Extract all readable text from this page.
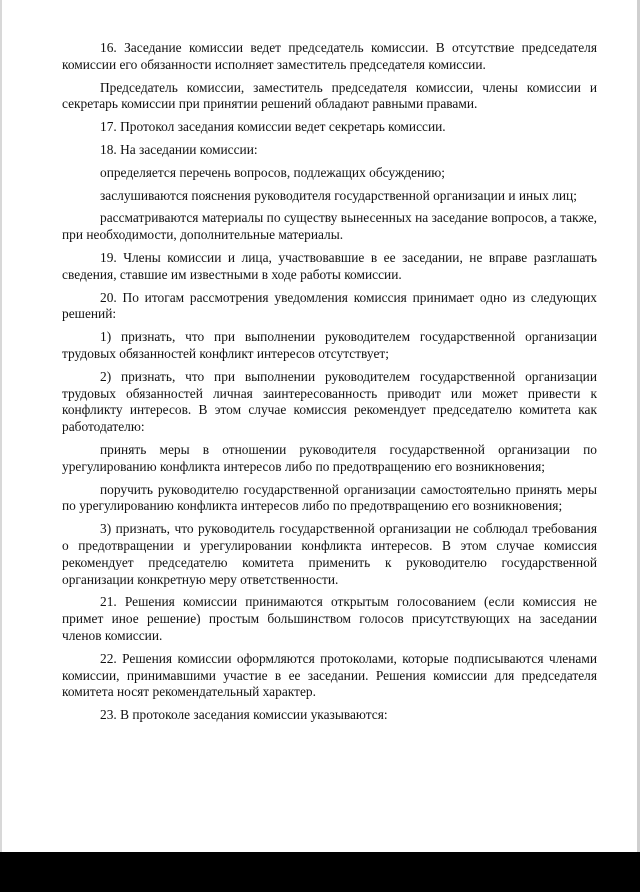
16. Заседание комиссии ведет председатель комиссии. В отсутствие председателя комиссии его обязанности исполняет заместитель председателя комиссии.

Председатель комиссии, заместитель председателя комиссии, члены комиссии и секретарь комиссии при принятии решений обладают равными правами.

17. Протокол заседания комиссии ведет секретарь комиссии.

18. На заседании комиссии:

определяется перечень вопросов, подлежащих обсуждению;

заслушиваются пояснения руководителя государственной организации и иных лиц;

рассматриваются материалы по существу вынесенных на заседание вопросов, а также, при необходимости, дополнительные материалы.

19. Члены комиссии и лица, участвовавшие в ее заседании, не вправе разглашать сведения, ставшие им известными в ходе работы комиссии.

20. По итогам рассмотрения уведомления комиссия принимает одно из следующих решений:

1) признать, что при выполнении руководителем государственной организации трудовых обязанностей конфликт интересов отсутствует;

2) признать, что при выполнении руководителем государственной организации трудовых обязанностей личная заинтересованность приводит или может привести к конфликту интересов. В этом случае комиссия рекомендует председателю комитета как работодателю:

принять меры в отношении руководителя государственной организации по урегулированию конфликта интересов либо по предотвращению его возникновения;

поручить руководителю государственной организации самостоятельно принять меры по урегулированию конфликта интересов либо по предотвращению его возникновения;

3) признать, что руководитель государственной организации не соблюдал требования о предотвращении и урегулировании конфликта интересов. В этом случае комиссия рекомендует председателю комитета применить к руководителю государственной организации конкретную меру ответственности.

21. Решения комиссии принимаются открытым голосованием (если комиссия не примет иное решение) простым большинством голосов присутствующих на заседании членов комиссии.

22. Решения комиссии оформляются протоколами, которые подписываются членами комиссии, принимавшими участие в ее заседании. Решения комиссии для председателя комитета носят рекомендательный характер.

23. В протоколе заседания комиссии указываются:
